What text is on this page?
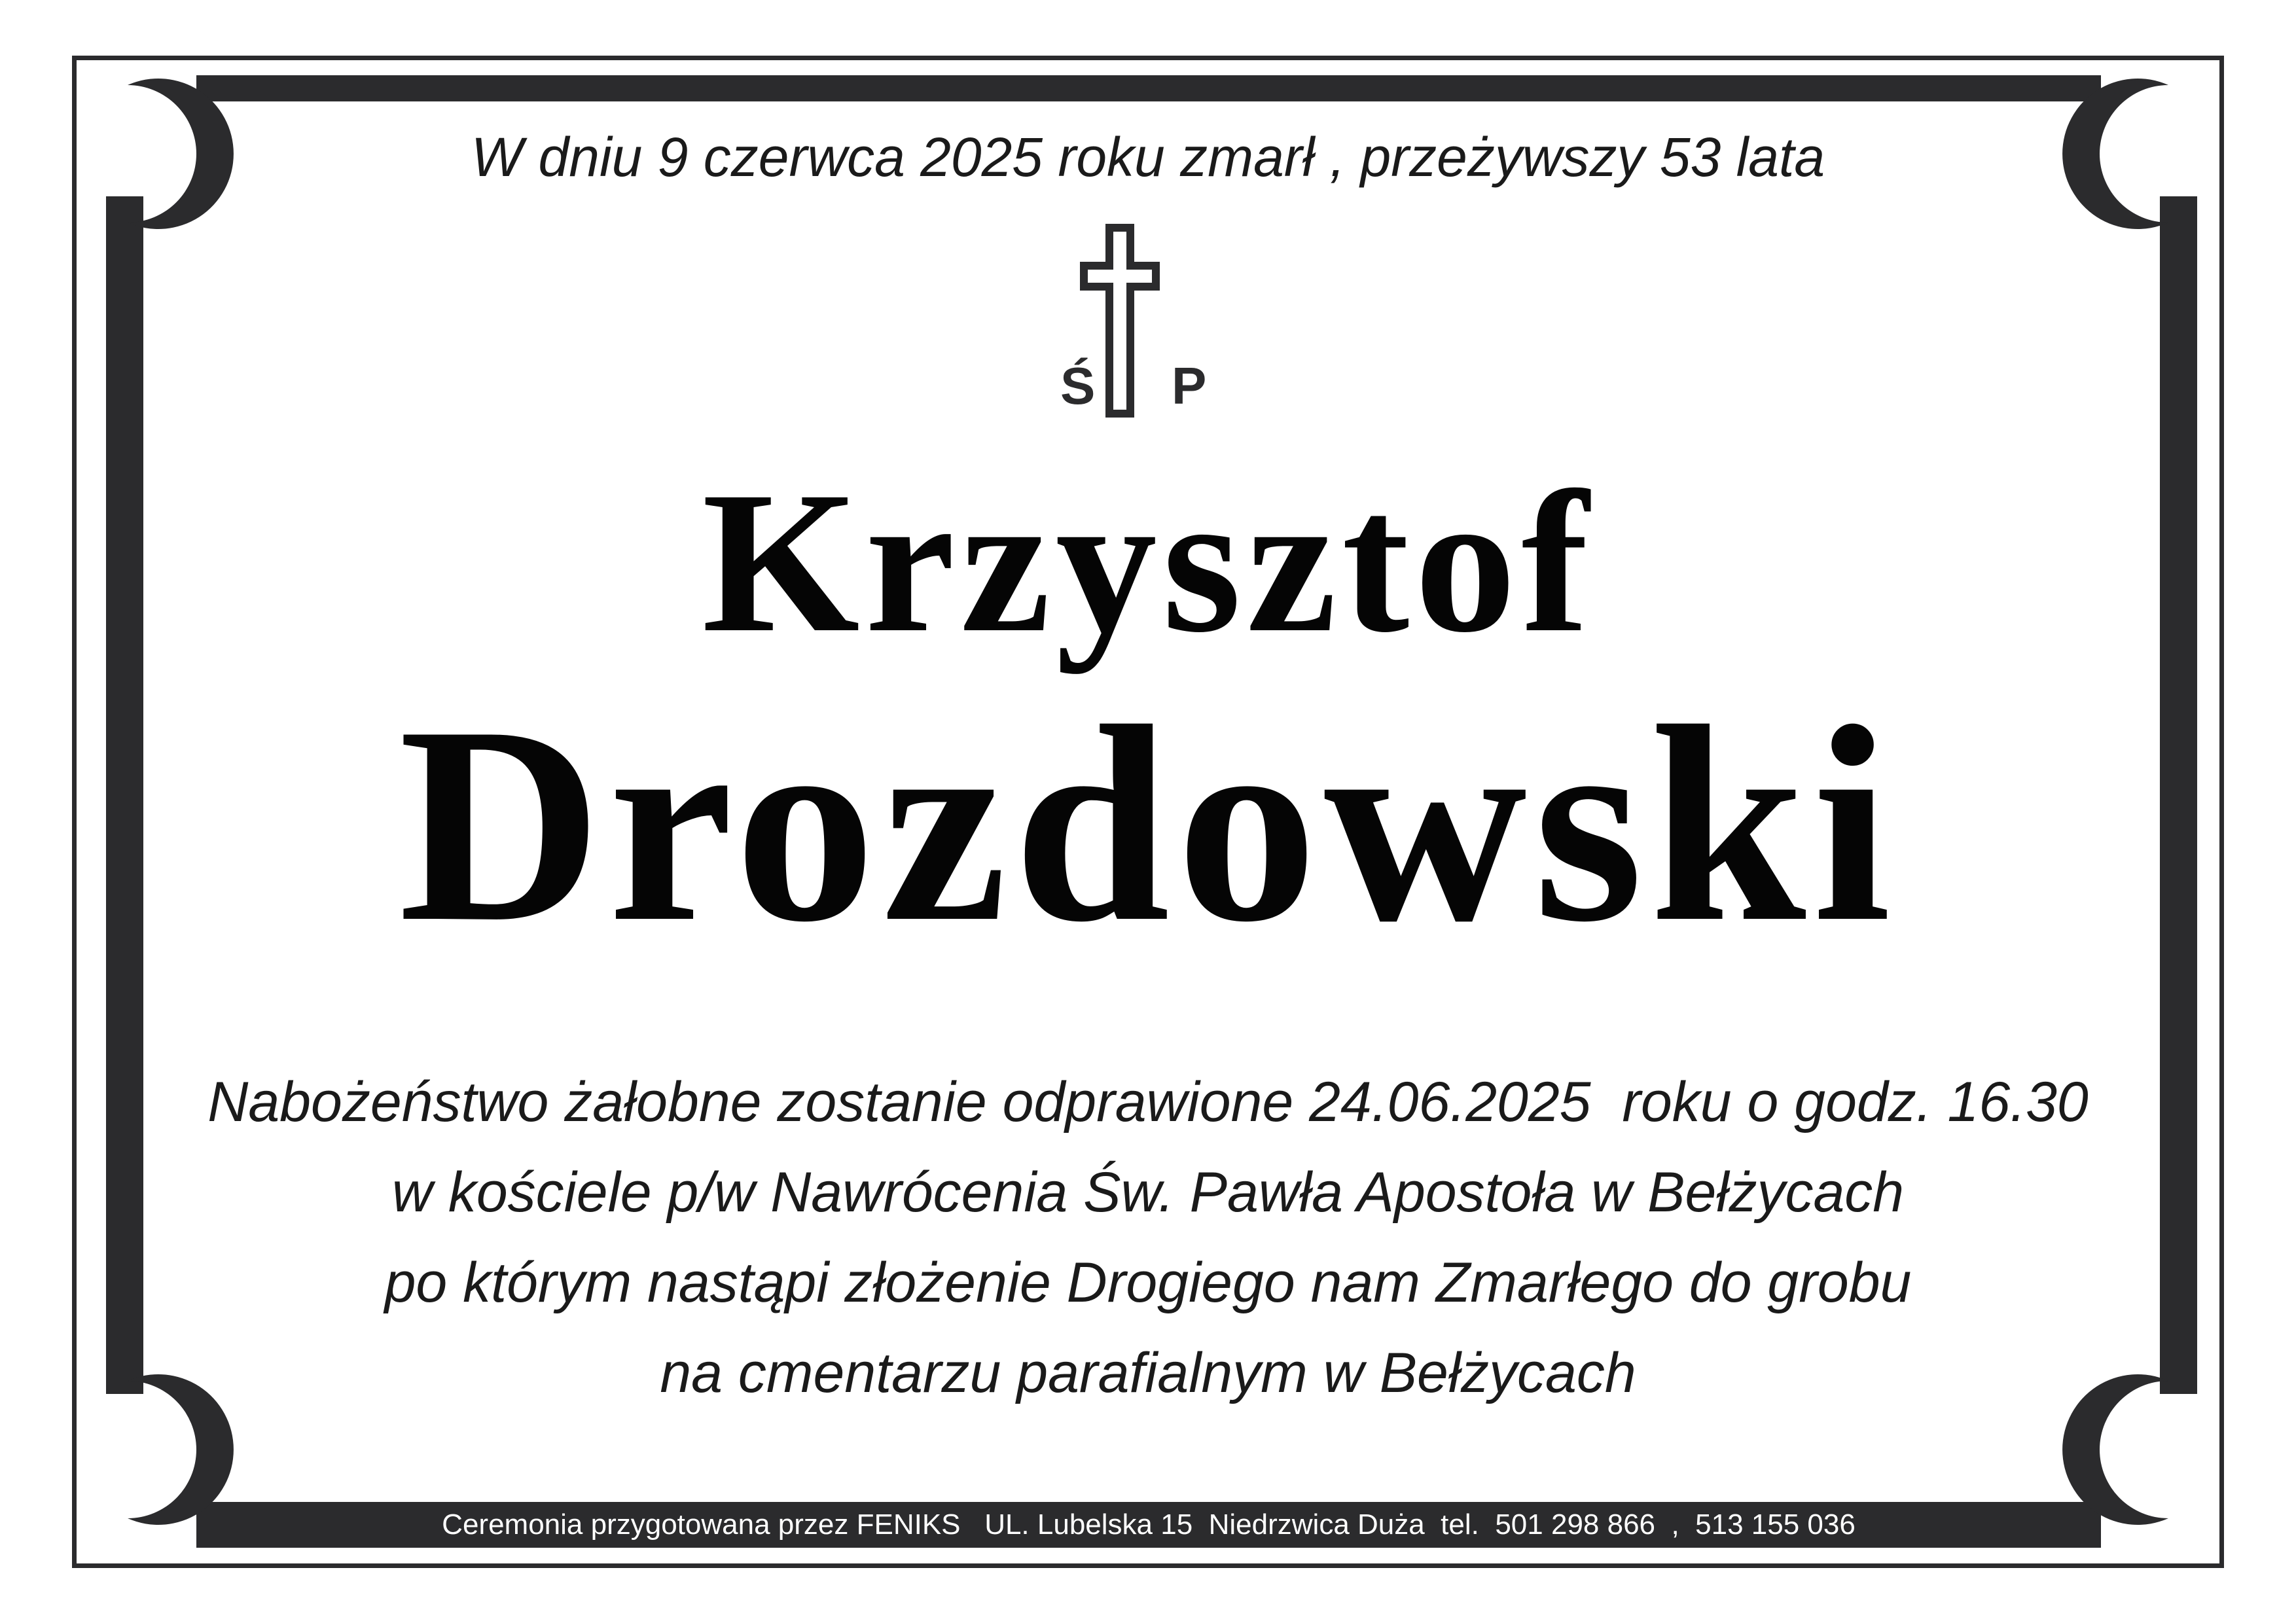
W dniu 9 czerwca 2025 roku zmarł , przeżywszy 53 lata
Ś P
Krzysztof
Drozdowski
Nabożeństwo żałobne zostanie odprawione 24.06.2025  roku o godz. 16.30
w kościele p/w Nawrócenia Św. Pawła Apostoła w Bełżycach
po którym nastąpi złożenie Drogiego nam Zmarłego do grobu
na cmentarzu parafialnym w Bełżycach
Ceremonia przygotowana przez FENIKS   UL. Lubelska 15  Niedrzwica Duża  tel.  501 298 866  ,  513 155 036
